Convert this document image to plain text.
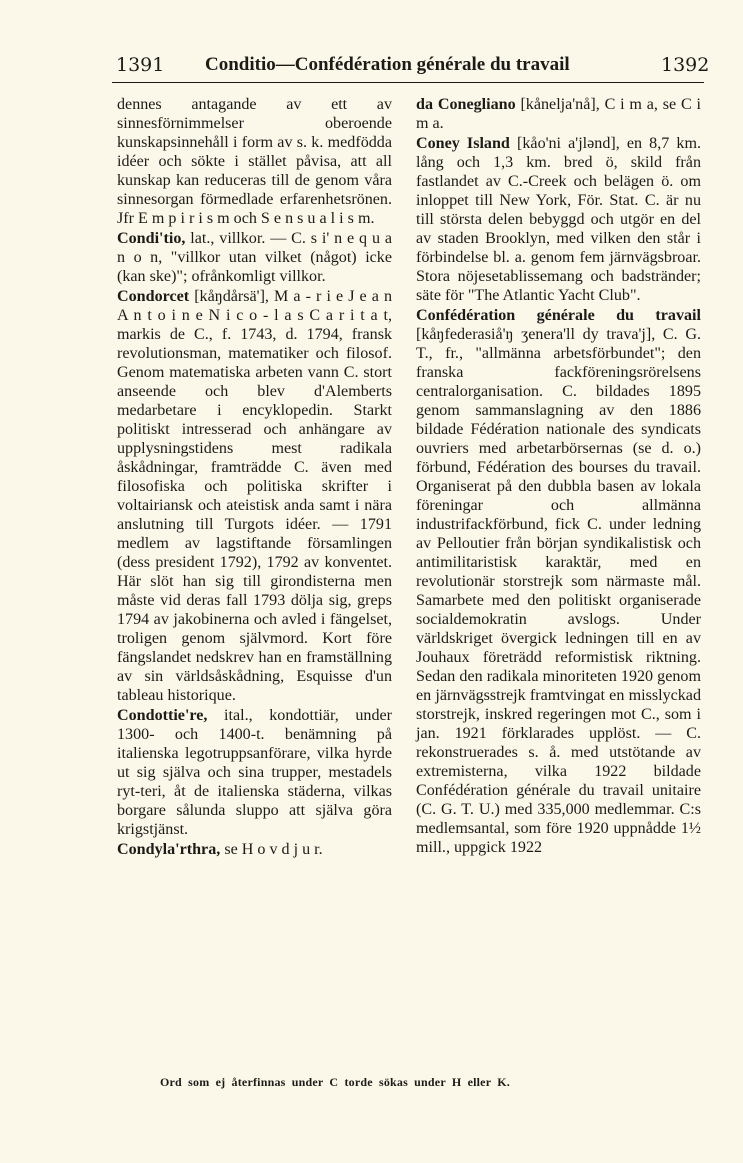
1391 Conditio—Confédération générale du travail	1392

dennes antagande av ett av sinnesförnimmelser oberoende kunskapsinnehåll i form av s. k. medfödda idéer och sökte i stället påvisa, att all kunskap kan reduceras till de genom våra sinnesorgan förmedlade erfarenhetsrönen. Jfr E m p i r i s m och S e n s u a l i s m.

Condi'tio, lat., villkor. — C. s i' n e q u a n o n, "villkor utan vilket (något) icke (kan ske)"; ofrånkomligt villkor.

Condorcet [kåŋdårsä'], M a - r i e J e a n A n t o i n e N i c o - l a s C a r i t a t, markis de C., f. 1743, d. 1794, fransk revolutionsman, matematiker och filosof. Genom matematiska arbeten vann C. stort anseende och blev d'Alemberts medarbetare i encyklopedin. Starkt politiskt intresserad och anhängare av upplysningstidens mest radikala åskådningar, framträdde C. även med filosofiska och politiska skrifter i voltairiansk och ateistisk anda samt i nära anslutning till Turgots idéer. — 1791 medlem av lagstiftande församlingen (dess president 1792), 1792 av konventet. Här slöt han sig till girondisterna men måste vid deras fall 1793 dölja sig, greps 1794 av jakobinerna och avled i fängelset, troligen genom självmord. Kort före fängslandet nedskrev han en framställning av sin världsåskådning, Esquisse d'un tableau historique.

Condottie're, ital., kondottiär, under 1300- och 1400-t. benämning på italienska legotruppsanförare, vilka hyrde ut sig själva och sina trupper, mestadels ryt-teri, åt de italienska städerna, vilkas borgare sålunda sluppo att själva göra krigstjänst.

Condyla'rthra, se H o v d j u r.

da Conegliano [kånelja'nå], C i m a, se C i m a.

Coney Island [kåo'ni a'jlənd], en 8,7 km. lång och 1,3 km. bred ö, skild från fastlandet av C.-Creek och belägen ö. om inloppet till New York, För. Stat. C. är nu till största delen bebyggd och utgör en del av staden Brooklyn, med vilken den står i förbindelse bl. a. genom fem järnvägsbroar. Stora nöjesetablissemang och badstränder; säte för "The Atlantic Yacht Club".

Confédération générale du travail [kåŋfederasiå'ŋ ʒenera'll dy trava'j], C. G. T., fr., "allmänna arbetsförbundet"; den franska fackföreningsrörelsens centralorganisation. C. bildades 1895 genom sammanslagning av den 1886 bildade Fédération nationale des syndicats ouvriers med arbetarbörsernas (se d. o.) förbund, Fédération des bourses du travail. Organiserat på den dubbla basen av lokala föreningar och allmänna industrifackförbund, fick C. under ledning av Pelloutier från början syndikalistisk och antimilitaristisk karaktär, med en revolutionär storstrejk som närmaste mål. Samarbete med den politiskt organiserade socialdemokratin avslogs. Under världskriget övergick ledningen till en av Jouhaux företrädd reformistisk riktning. Sedan den radikala minoriteten 1920 genom en järnvägsstrejk framtvingat en misslyckad storstrejk, inskred regeringen mot C., som i jan. 1921 förklarades upplöst. — C. rekonstruerades s. å. med utstötande av extremisterna, vilka 1922 bildade Confédération générale du travail unitaire (C. G. T. U.) med 335,000 medlemmar. C:s medlemsantal, som före 1920 uppnådde 1½ mill., uppgick 1922

Ord som ej återfinnas under C torde sökas under H eller K.
